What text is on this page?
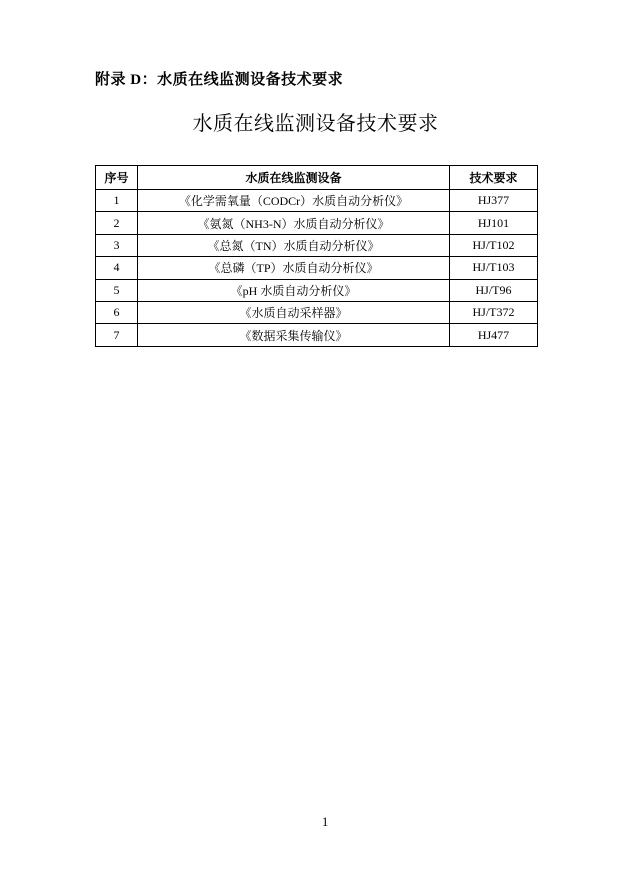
附录 D：水质在线监测设备技术要求
水质在线监测设备技术要求
序号	水质在线监测设备	技术要求
1	《化学需氧量（CODCr）水质自动分析仪》	HJ377
2	《氨氮（NH3-N）水质自动分析仪》	HJ101
3	《总氮（TN）水质自动分析仪》	HJ/T102
4	《总磷（TP）水质自动分析仪》	HJ/T103
5	《pH 水质自动分析仪》	HJ/T96
6	《水质自动采样器》	HJ/T372
7	《数据采集传输仪》	HJ477
1
